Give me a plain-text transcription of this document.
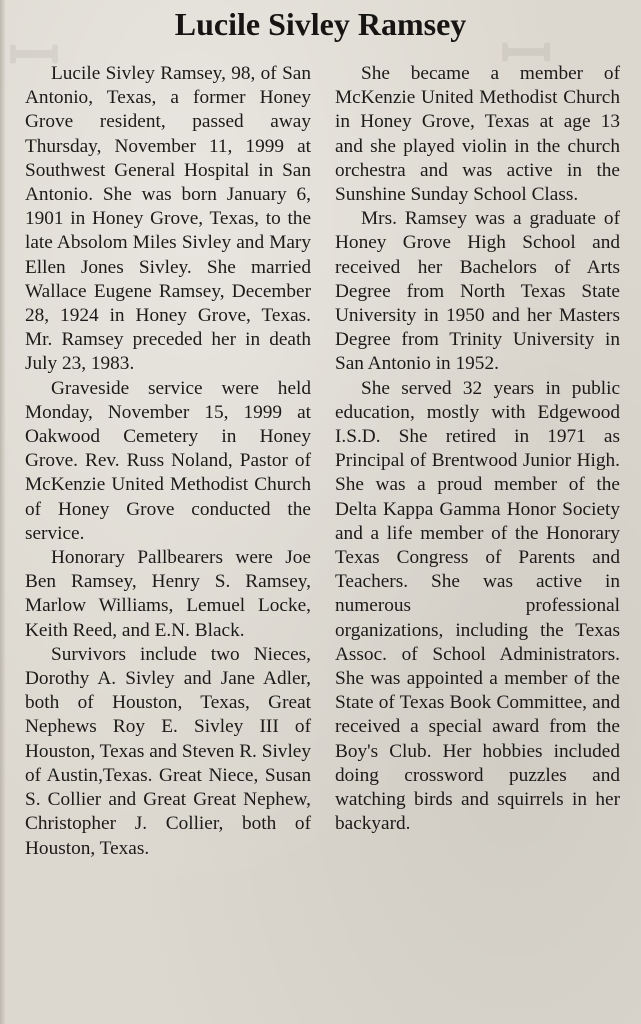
ꟷ	ꟷ
Lucile Sivley Ramsey

Lucile Sivley Ramsey, 98, of San Antonio, Texas, a former Honey Grove resident, passed away Thursday, November 11, 1999 at Southwest General Hospital in San Antonio. She was born January 6, 1901 in Honey Grove, Texas, to the late Absolom Miles Sivley and Mary Ellen Jones Sivley. She married Wallace Eugene Ramsey, December 28, 1924 in Honey Grove, Texas. Mr. Ramsey preceded her in death July 23, 1983.

Graveside service were held Monday, November 15, 1999 at Oakwood Cemetery in Honey Grove. Rev. Russ Noland, Pastor of McKenzie United Methodist Church of Honey Grove conducted the service.

Honorary Pallbearers were Joe Ben Ramsey, Henry S. Ramsey, Marlow Williams, Lemuel Locke, Keith Reed, and E.N. Black.

Survivors include two Nieces, Dorothy A. Sivley and Jane Adler, both of Houston, Texas, Great Nephews Roy E. Sivley III of Houston, Texas and Steven R. Sivley of Austin,Texas. Great Niece, Susan S. Collier and Great Great Nephew, Christopher J. Collier, both of Houston, Texas.

She became a member of McKenzie United Methodist Church in Honey Grove, Texas at age 13 and she played violin in the church orchestra and was active in the Sunshine Sunday School Class.

Mrs. Ramsey was a graduate of Honey Grove High School and received her Bachelors of Arts Degree from North Texas State University in 1950 and her Masters Degree from Trinity University in San Antonio in 1952.

She served 32 years in public education, mostly with Edgewood I.S.D. She retired in 1971 as Principal of Brentwood Junior High. She was a proud member of the Delta Kappa Gamma Honor Society and a life member of the Honorary Texas Congress of Parents and Teachers. She was active in numerous professional organizations, including the Texas Assoc. of School Administrators. She was appointed a member of the State of Texas Book Committee, and received a special award from the Boy's Club. Her hobbies included doing crossword puzzles and watching birds and squirrels in her backyard.
